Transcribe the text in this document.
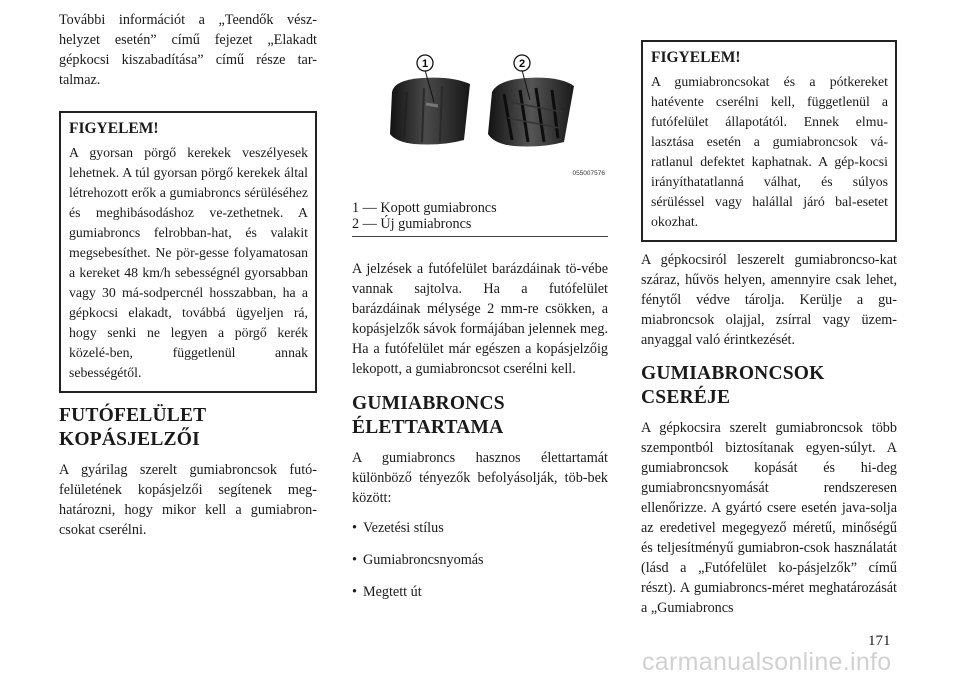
További információt a „Teendők vész-helyzet esetén” című fejezet „Elakadt gépkocsi kiszabadítása” című része tar-talmaz.

FIGYELEM!

A gyorsan pörgő kerekek veszélyesek lehetnek. A túl gyorsan pörgő kerekek által létrehozott erők a gumiabroncs sérüléséhez és meghibásodáshoz ve-zethetnek. A gumiabroncs felrobban-hat, és valakit megsebesíthet. Ne pör-gesse folyamatosan a kereket 48 km/h sebességnél gyorsabban vagy 30 má-sodpercnél hosszabban, ha a gépkocsi elakadt, továbbá ügyeljen rá, hogy senki ne legyen a pörgő kerék közelé-ben, függetlenül annak sebességétől.

FUTÓFELÜLET KOPÁSJELZŐI

A gyárilag szerelt gumiabroncsok futó-felületének kopásjelzői segítenek meg-határozni, hogy mikor kell a gumiabron-csokat cserélni.

1	2
055007576

1 — Kopott gumiabroncs

2 — Új gumiabroncs

A jelzések a futófelület barázdáinak tö-vébe vannak sajtolva. Ha a futófelület barázdáinak mélysége 2 mm-re csökken, a kopásjelzők sávok formájában jelennek meg. Ha a futófelület már egészen a kopásjelzőig lekopott, a gumiabroncsot cserélni kell.

GUMIABRONCS ÉLETTARTAMA

A gumiabroncs hasznos élettartamát különböző tényezők befolyásolják, töb-bek között:

• Vezetési stílus
• Gumiabroncsnyomás
• Megtett út
FIGYELEM!

A gumiabroncsokat és a pótkereket hatévente cserélni kell, függetlenül a futófelület állapotától. Ennek elmu-lasztása esetén a gumiabroncsok vá-ratlanul defektet kaphatnak. A gép-kocsi irányíthatatlanná válhat, és súlyos sérüléssel vagy halállal járó bal-esetet okozhat.

A gépkocsiról leszerelt gumiabroncso-kat száraz, hűvös helyen, amennyire csak lehet, fénytől védve tárolja. Kerülje a gu-miabroncsok olajjal, zsírral vagy üzem-anyaggal való érintkezését.

GUMIABRONCSOK CSERÉJE

A gépkocsira szerelt gumiabroncsok több szempontból biztosítanak egyen-súlyt. A gumiabroncsok kopását és hi-deg gumiabroncsnyomását rendszeresen ellenőrizze. A gyártó csere esetén java-solja az eredetivel megegyező méretű, minőségű és teljesítményű gumiabron-csok használatát (lásd a „Futófelület ko-pásjelzők” című részt). A gumiabroncs-méret meghatározását a „Gumiabroncs

171
carmanualsonline.info
